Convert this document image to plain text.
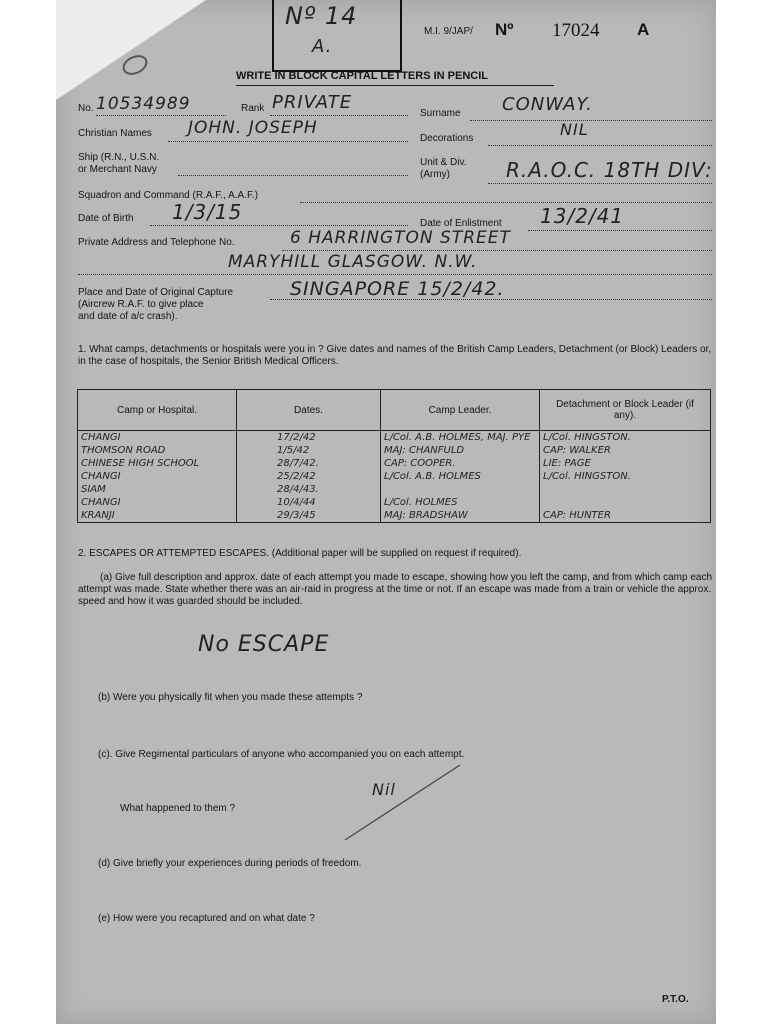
Nº 14
A.
M.I. 9/JAP/ Nº 17024 A
WRITE IN BLOCK CAPITAL LETTERS IN PENCIL
No. 10534989	Rank PRIVATE
Surname CONWAY.
Christian Names JOHN. JOSEPH
Decorations	NIL
Ship (R.N., U.S.N.
or Merchant Navy
Unit & Div.
(Army)	R.A.O.C. 18TH DIV:
Squadron and Command (R.A.F., A.A.F.)
Date of Birth 1/3/15	Date of Enlistment 13/2/41
Private Address and Telephone No.	6 HARRINGTON STREET
MARYHILL GLASGOW. N.W.
Place and Date of Original Capture
(Aircrew R.A.F. to give place
and date of a/c crash).
SINGAPORE 15/2/42.
1. What camps, detachments or hospitals were you in ? Give dates and names of the British Camp Leaders, Detachment (or Block) Leaders or, in the case of hospitals, the Senior British Medical Officers.
Camp or Hospital.	Dates.	Camp Leader.	Detachment or Block Leader (if any).
CHANGI	17/2/42	L/Col. A.B. HOLMES, MAJ. PYE	L/Col. HINGSTON.
THOMSON ROAD	1/5/42	MAJ: CHANFULD	CAP: WALKER
CHINESE HIGH SCHOOL	28/7/42.	CAP: COOPER.	LIE: PAGE
CHANGI	25/2/42	L/Col. A.B. HOLMES	L/Col. HINGSTON.
SIAM	28/4/43.		
CHANGI	10/4/44	L/Col. HOLMES	
KRANJI	29/3/45	MAJ: BRADSHAW	CAP: HUNTER
2. ESCAPES OR ATTEMPTED ESCAPES. (Additional paper will be supplied on request if required).
(a) Give full description and approx. date of each attempt you made to escape, showing how you left the camp, and from which camp each attempt was made. State whether there was an air-raid in progress at the time or not. If an escape was made from a train or vehicle the approx. speed and how it was guarded should be included.
No ESCAPE
(b) Were you physically fit when you made these attempts ?
(c). Give Regimental particulars of anyone who accompanied you on each attempt.
Nil
What happened to them ?
(d) Give briefly your experiences during periods of freedom.
(e) How were you recaptured and on what date ?
P.T.O.
